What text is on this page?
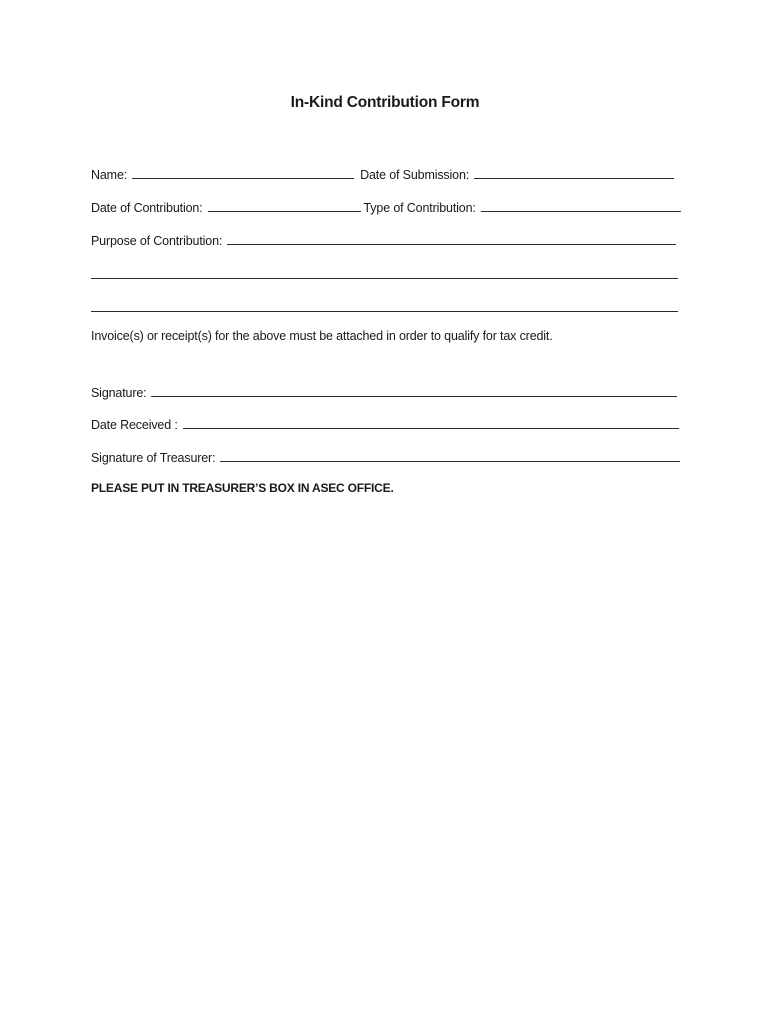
In-Kind Contribution Form
Name:	Date of Submission:
Date of Contribution:	Type of Contribution:
Purpose of Contribution:
Invoice(s) or receipt(s) for the above must be attached in order to qualify for tax credit.
Signature:
Date Received :
Signature of Treasurer:
PLEASE PUT IN TREASURER’S BOX IN ASEC OFFICE.
